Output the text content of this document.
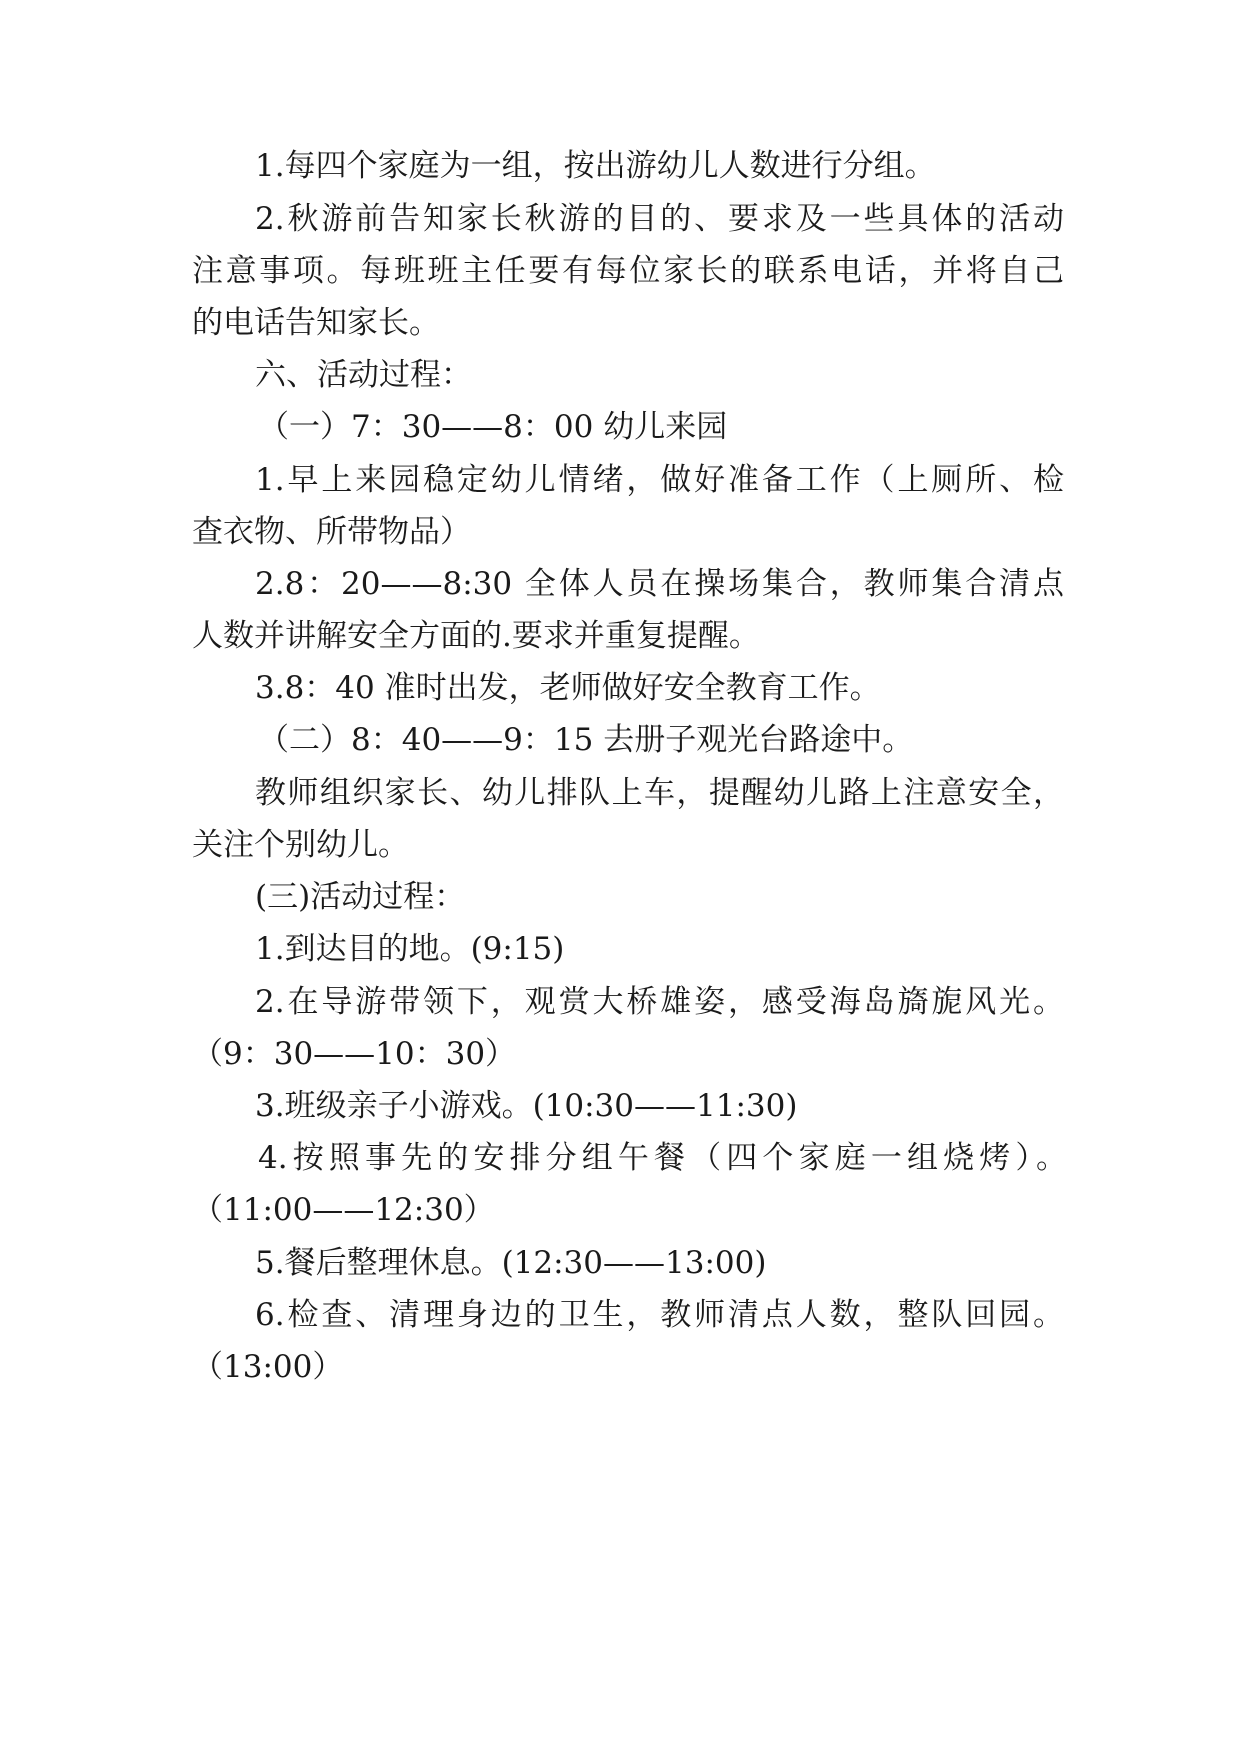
1.每四个家庭为一组，按出游幼儿人数进行分组。
2.秋游前告知家长秋游的目的、要求及一些具体的活动
注意事项。每班班主任要有每位家长的联系电话，并将自己
的电话告知家长。
六、活动过程：
（一）7：30——8：00 幼儿来园
1.早上来园稳定幼儿情绪，做好准备工作（上厕所、检
查衣物、所带物品）
2.8：20——8:30 全体人员在操场集合，教师集合清点
人数并讲解安全方面的.要求并重复提醒。
3.8：40 准时出发，老师做好安全教育工作。
（二）8：40——9：15 去册子观光台路途中。
教师组织家长、幼儿排队上车，提醒幼儿路上注意安全，
关注个别幼儿。
(三)活动过程：
1.到达目的地。(9:15)
2.在导游带领下，观赏大桥雄姿，感受海岛旖旎风光。
（9：30——10：30）
3.班级亲子小游戏。(10:30——11:30)
4.按照事先的安排分组午餐（四个家庭一组烧烤）。
（11:00——12:30）
5.餐后整理休息。(12:30——13:00)
6.检查、清理身边的卫生，教师清点人数，整队回园。
（13:00）
